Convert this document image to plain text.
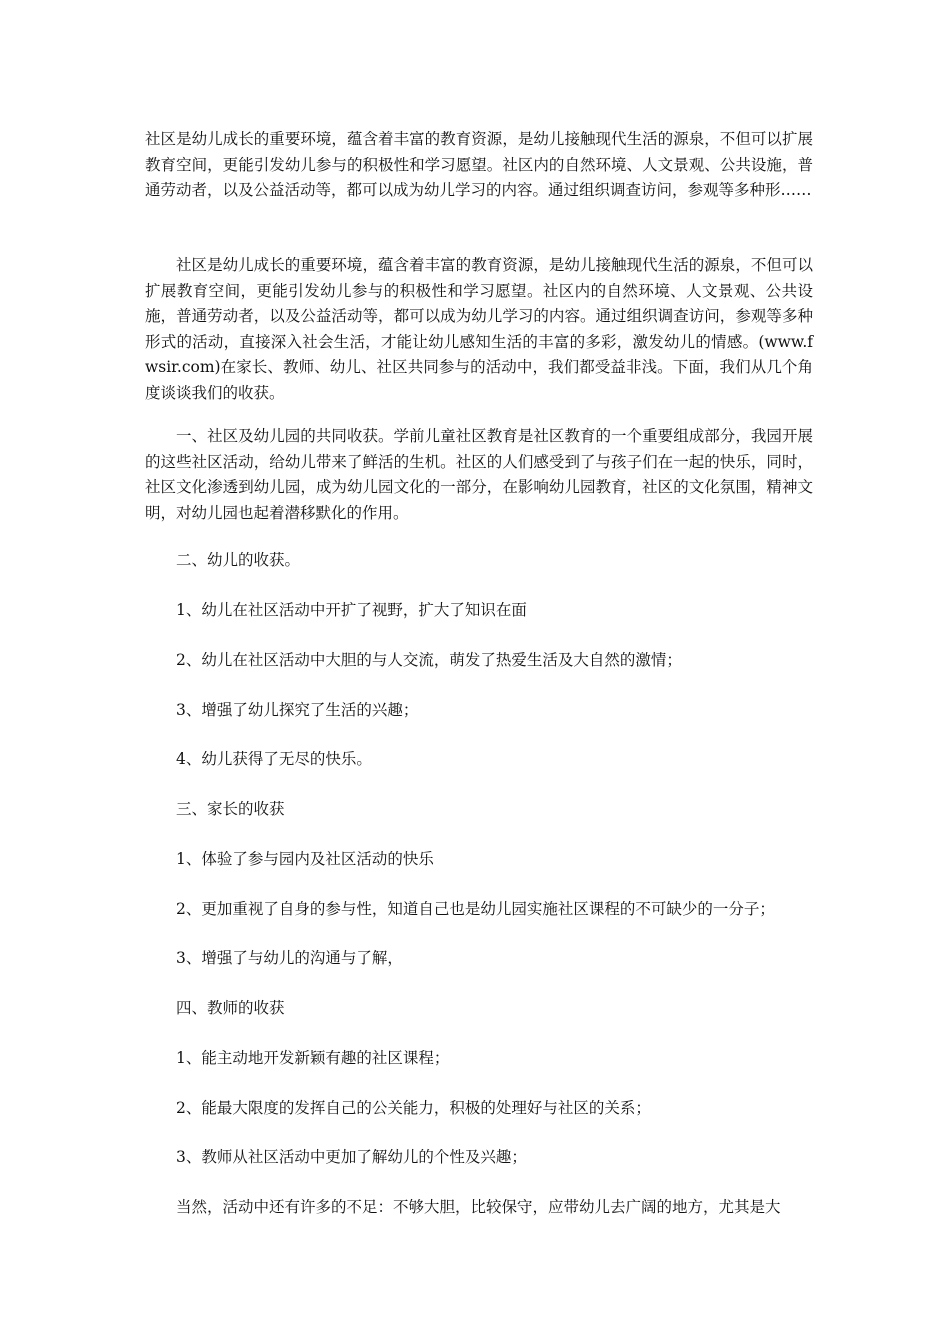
社区是幼儿成长的重要环境，蕴含着丰富的教育资源，是幼儿接触现代生活的源泉，不但可以扩展教育空间，更能引发幼儿参与的积极性和学习愿望。社区内的自然环境、人文景观、公共设施，普通劳动者，以及公益活动等，都可以成为幼儿学习的内容。通过组织调查访问，参观等多种形……

社区是幼儿成长的重要环境，蕴含着丰富的教育资源，是幼儿接触现代生活的源泉，不但可以扩展教育空间，更能引发幼儿参与的积极性和学习愿望。社区内的自然环境、人文景观、公共设施，普通劳动者，以及公益活动等，都可以成为幼儿学习的内容。通过组织调查访问，参观等多种形式的活动，直接深入社会生活，才能让幼儿感知生活的丰富的多彩，激发幼儿的情感。(www.fwsir.com)在家长、教师、幼儿、社区共同参与的活动中，我们都受益非浅。下面，我们从几个角度谈谈我们的收获。

一、社区及幼儿园的共同收获。学前儿童社区教育是社区教育的一个重要组成部分，我园开展的这些社区活动，给幼儿带来了鲜活的生机。社区的人们感受到了与孩子们在一起的快乐，同时，社区文化渗透到幼儿园，成为幼儿园文化的一部分，在影响幼儿园教育，社区的文化氛围，精神文明，对幼儿园也起着潜移默化的作用。

二、幼儿的收获。

1、幼儿在社区活动中开扩了视野，扩大了知识在面

2、幼儿在社区活动中大胆的与人交流，萌发了热爱生活及大自然的激情；

3、增强了幼儿探究了生活的兴趣；

4、幼儿获得了无尽的快乐。

三、家长的收获

1、体验了参与园内及社区活动的快乐

2、更加重视了自身的参与性，知道自己也是幼儿园实施社区课程的不可缺少的一分子；

3、增强了与幼儿的沟通与了解，

四、教师的收获

1、能主动地开发新颖有趣的社区课程；

2、能最大限度的发挥自己的公关能力，积极的处理好与社区的关系；

3、教师从社区活动中更加了解幼儿的个性及兴趣；

当然，活动中还有许多的不足：不够大胆，比较保守，应带幼儿去广阔的地方，尤其是大
